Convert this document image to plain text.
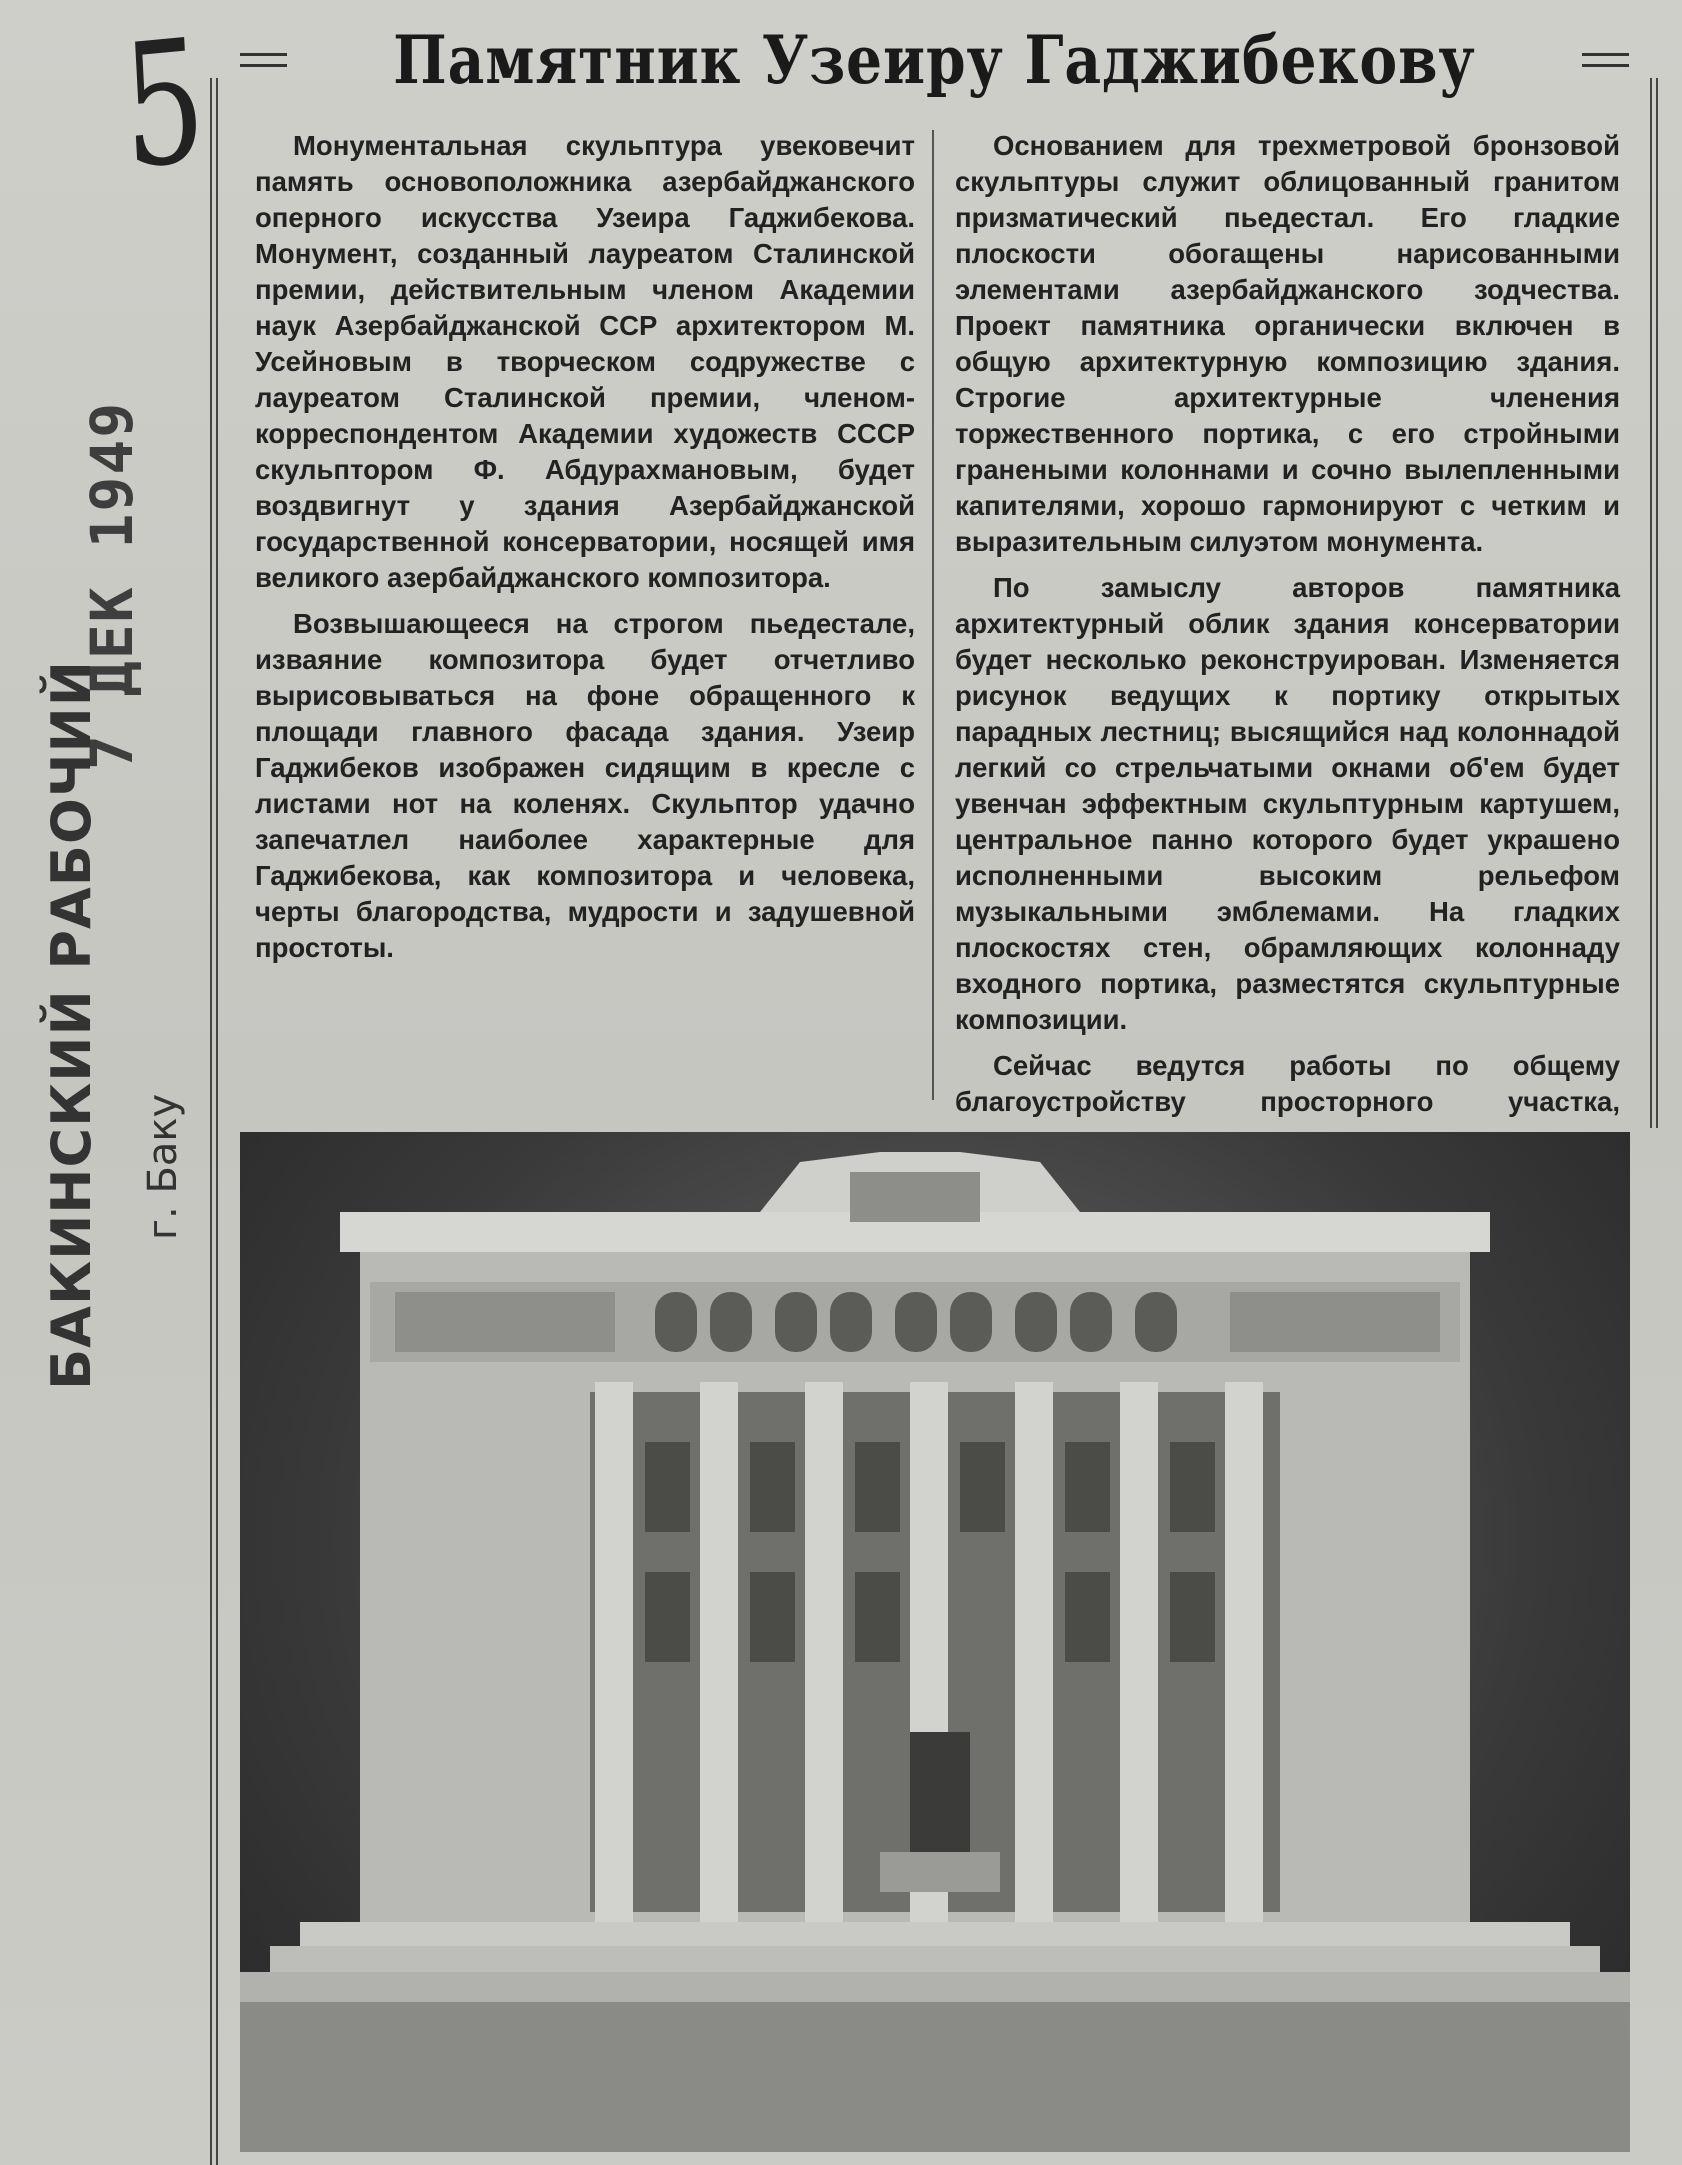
5
7 ДЕК 1949
БАКИНСКИЙ РАБОЧИЙ г. Баку
Памятник Узеиру Гаджибекову

Монументальная скульптура увековечит память основоположника азербайджанского оперного искусства Узеира Гаджибекова. Монумент, созданный лауреатом Сталинской премии, действительным членом Академии наук Азербайджанской ССР архитектором М. Усейновым в творческом содружестве с лауреатом Сталинской премии, членом-корреспондентом Академии художеств СССР скульптором Ф. Абдурахмановым, будет воздвигнут у здания Азербайджанской государственной консерватории, носящей имя великого азербайджанского композитора.

Возвышающееся на строгом пьедестале, изваяние композитора будет отчетливо вырисовываться на фоне обращенного к площади главного фасада здания. Узеир Гаджибеков изображен сидящим в кресле с листами нот на коленях. Скульптор удачно запечатлел наиболее характерные для Гаджибекова, как композитора и человека, черты благородства, мудрости и задушевной простоты.

Основанием для трехметровой бронзовой скульптуры служит облицованный гранитом призматический пьедестал. Его гладкие плоскости обогащены нарисованными элементами азербайджанского зодчества. Проект памятника органически включен в общую архитектурную композицию здания. Строгие архитектурные членения торжественного портика, с его стройными гранеными колоннами и сочно вылепленными капителями, хорошо гармонируют с четким и выразительным силуэтом монумента.

По замыслу авторов памятника архитектурный облик здания консерватории будет несколько реконструирован. Изменяется рисунок ведущих к портику открытых парадных лестниц; высящийся над колоннадой легкий со стрельчатыми окнами об'ем будет увенчан эффектным скульптурным картушем, центральное панно которого будет украшено исполненными высоким рельефом музыкальными эмблемами. На гладких плоскостях стен, обрамляющих колоннаду входного портика, разместятся скульптурные композиции.

Сейчас ведутся работы по общему благоустройству просторного участка,
